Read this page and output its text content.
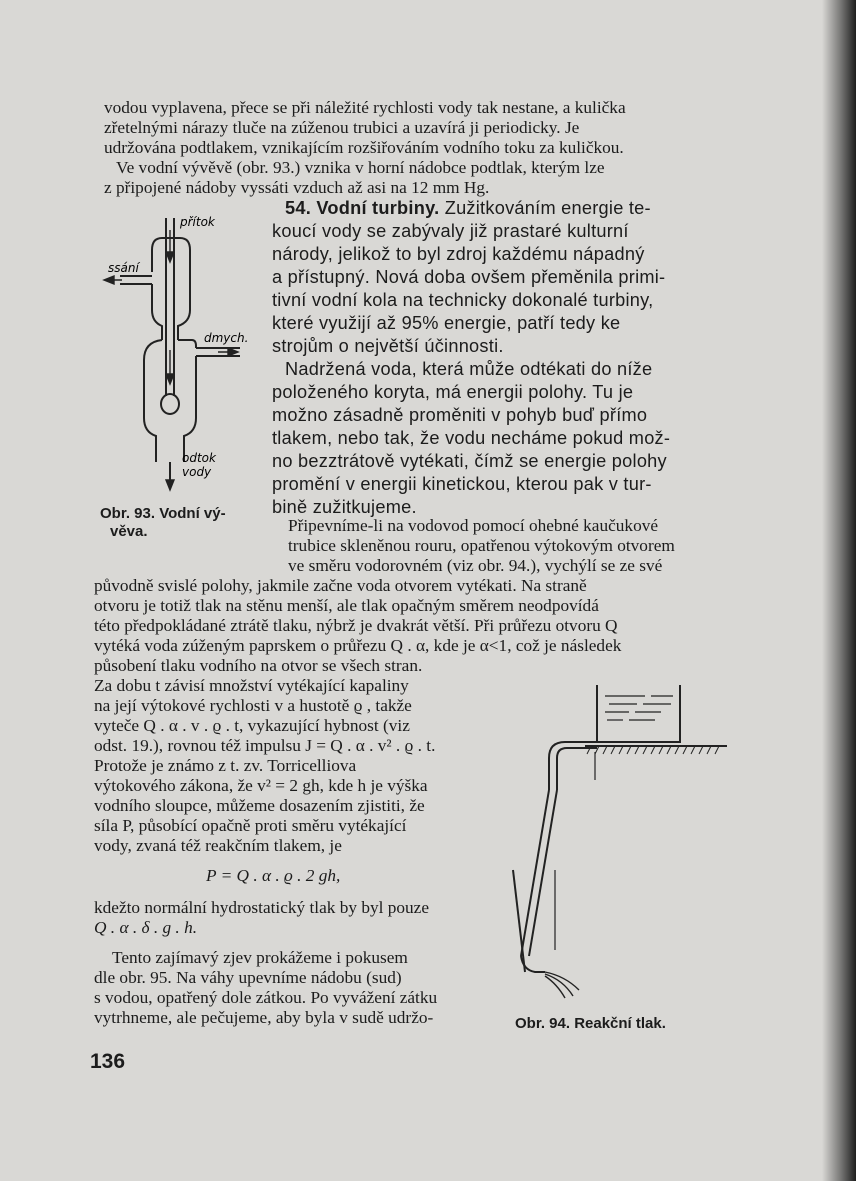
vodou vyplavena, přece se při náležité rychlosti vody tak nestane, a kulička
zřetelnými nárazy tluče na zúženou trubici a uzavírá ji periodicky. Je
udržována podtlakem, vznikajícím rozšiřováním vodního toku za kuličkou.
Ve vodní vývěvě (obr. 93.) vznika v horní nádobce podtlak, kterým lze
z připojené nádoby vyssáti vzduch až asi na 12 mm Hg.
přítok
ssání
dmych.
odtok
vody
Obr. 93. Vodní vý-
věva.
54. Vodní turbiny. Zužitkováním energie te-
koucí vody se zabývaly již prastaré kulturní
národy, jelikož to byl zdroj každému nápadný
a přístupný. Nová doba ovšem přeměnila primi-
tivní vodní kola na technicky dokonalé turbiny,
které využijí až 95% energie, patří tedy ke
strojům o největší účinnosti.
Nadržená voda, která může odtékati do níže
položeného koryta, má energii polohy. Tu je
možno zásadně proměniti v pohyb buď přímo
tlakem, nebo tak, že vodu necháme pokud mož-
no bezztrátově vytékati, čímž se energie polohy
promění v energii kinetickou, kterou pak v tur-
bině zužitkujeme.
Připevníme-li na vodovod pomocí ohebné kaučukové
trubice skleněnou rouru, opatřenou výtokovým otvorem
ve směru vodorovném (viz obr. 94.), vychýlí se ze své
původně svislé polohy, jakmile začne voda otvorem vytékati. Na straně
otvoru je totiž tlak na stěnu menší, ale tlak opačným směrem neodpovídá
této předpokládané ztrátě tlaku, nýbrž je dvakrát větší. Při průřezu otvoru Q
vytéká voda zúženým paprskem o průřezu Q . α, kde je α<1, což je následek
působení tlaku vodního na otvor se všech stran.
Za dobu t závisí množství vytékající kapaliny
na její výtokové rychlosti v a hustotě ϱ , takže
vyteče Q . α . v . ϱ . t, vykazující hybnost (viz
odst. 19.), rovnou též impulsu J = Q . α . v² . ϱ . t.
Protože je známo z t. zv. Torricelliova
výtokového zákona, že v² = 2 gh, kde h je výška
vodního sloupce, můžeme dosazením zjistiti, že
síla P, působící opačně proti směru vytékající
vody, zvaná též reakčním tlakem, je
P = Q . α . ϱ . 2 gh,
kdežto normální hydrostatický tlak by byl pouze
Q . α . δ . g . h.
Tento zajímavý zjev prokážeme i pokusem
dle obr. 95. Na váhy upevníme nádobu (sud)
s vodou, opatřený dole zátkou. Po vyvážení zátku
vytrhneme, ale pečujeme, aby byla v sudě udržo-	Obr. 94. Reakční tlak.
136
